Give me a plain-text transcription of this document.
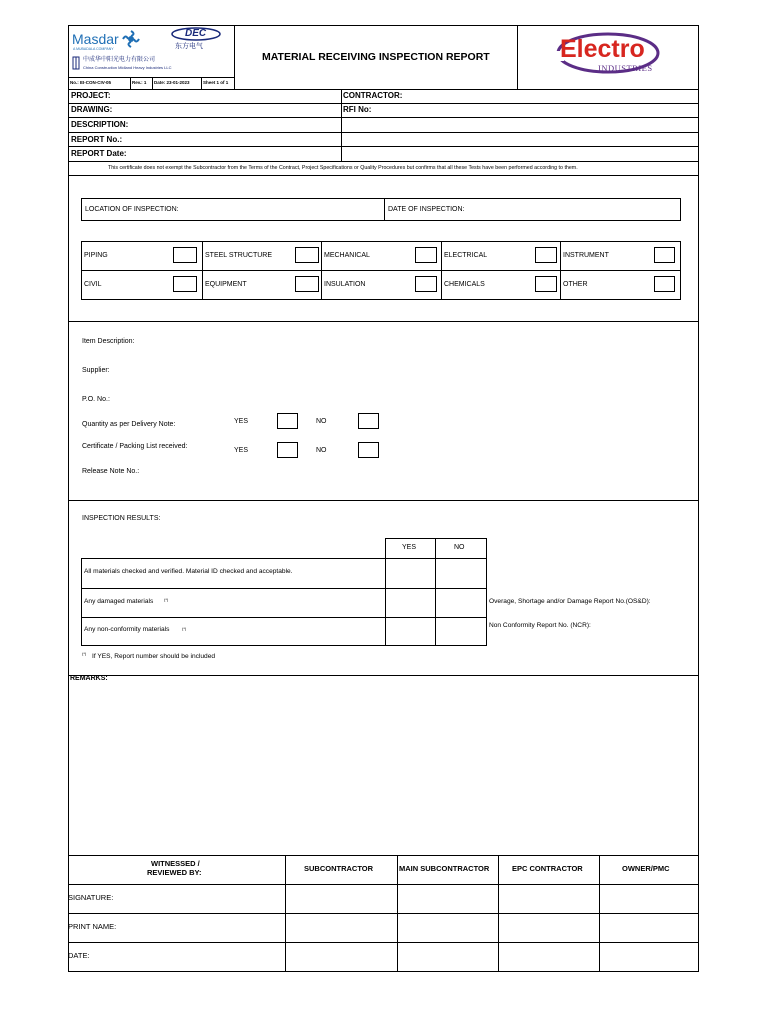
Masdar
A MUBADALA COMPANY
DEC
东方电气
中成华中阳光电力有限公司
China Construction Midland Heavy Industries LLC
No.: EI-CON-CIV-05	Rev.: 1 Date: 23-01-2023	Sheet 1 of 1
MATERIAL RECEIVING INSPECTION REPORT	Electro
INDUSTRIES
PROJECT:	CONTRACTOR:
DRAWING:	RFI No:
DESCRIPTION:
REPORT No.:
REPORT Date:
This certificate does not exempt the Subcontractor from the Terms of the Contract, Project Specifications or Quality Procedures but confirms that all these Tests have been performed according to them.
LOCATION OF INSPECTION:	DATE OF INSPECTION:
PIPING	STEEL STRUCTURE	MECHANICAL	ELECTRICAL	INSTRUMENT
CIVIL	EQUIPMENT	INSULATION	CHEMICALS	OTHER
Item Description:
Supplier:
P.O. No.:
Quantity as per Delivery Note:
Certificate / Packing List received:
Release Note No.:
YES	NO
YES	NO
INSPECTION RESULTS:
YES	NO
All materials checked and verified. Material ID checked and acceptable.
Any damaged materials	(*)
Any non-conformity materials	(*)
Overage, Shortage and/or Damage Report No.(OS&D):
Non Conformity Report No. (NCR):
(*) If YES, Report number should be included
REMARKS:
WITNESSED /
REVIEWED BY:	SUBCONTRACTOR	MAIN SUBCONTRACTOR	EPC CONTRACTOR	OWNER/PMC
SIGNATURE:
PRINT NAME:
DATE:
